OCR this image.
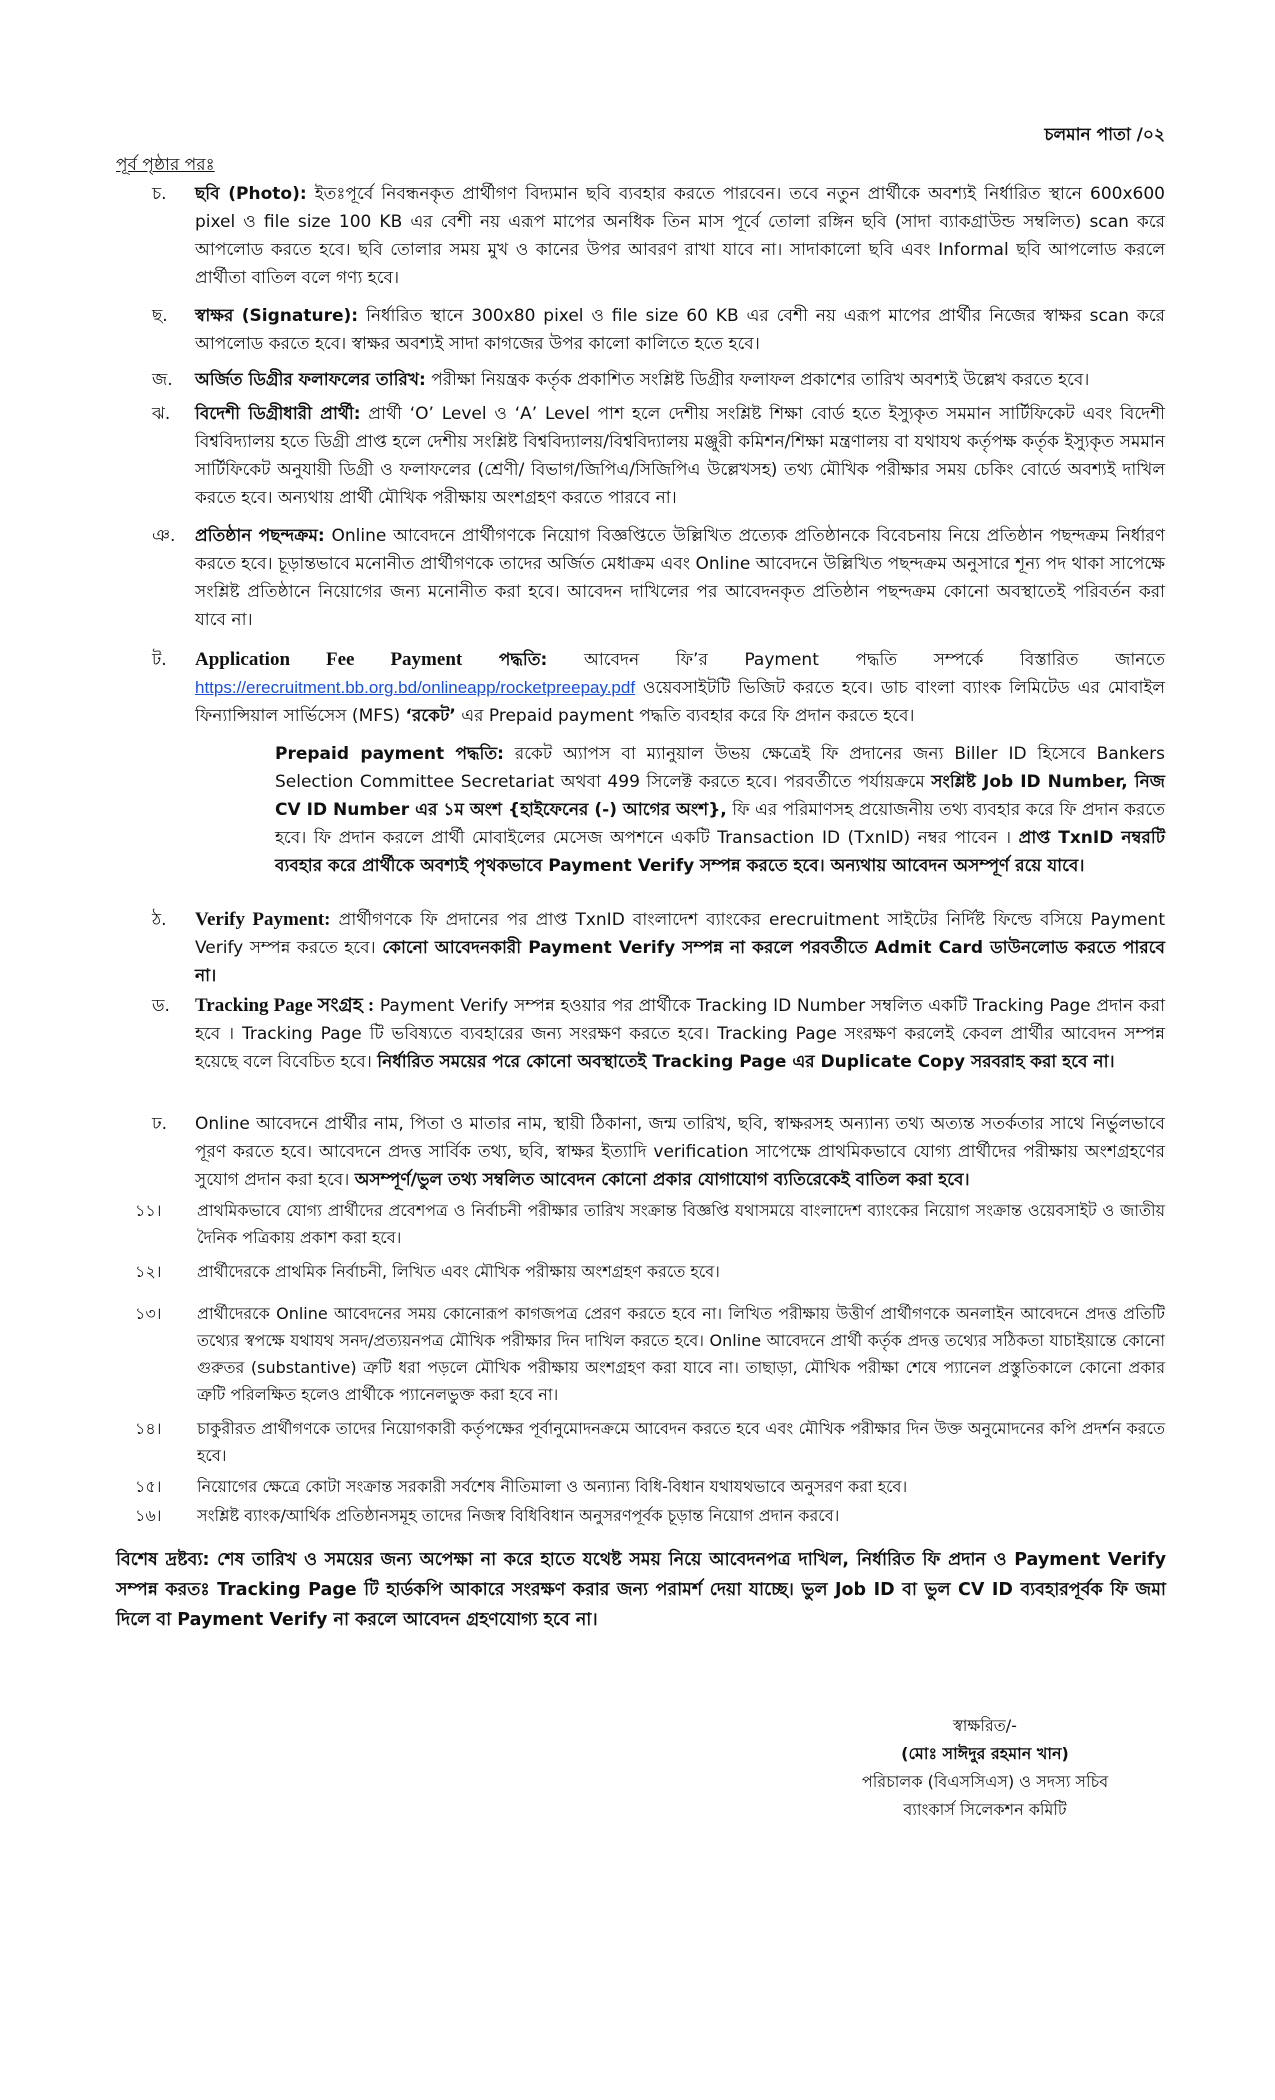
চলমান পাতা /০২
পূর্ব পৃষ্ঠার পরঃ
চ.	ছবি (Photo): ইতঃপূর্বে নিবন্ধনকৃত প্রার্থীগণ বিদ্যমান ছবি ব্যবহার করতে পারবেন। তবে নতুন প্রার্থীকে অবশ্যই নির্ধারিত স্থানে 600x600 pixel ও file size 100 KB এর বেশী নয় এরূপ মাপের অনধিক তিন মাস পূর্বে তোলা রঙ্গিন ছবি (সাদা ব্যাকগ্রাউন্ড সম্বলিত) scan করে আপলোড করতে হবে। ছবি তোলার সময় মুখ ও কানের উপর আবরণ রাখা যাবে না। সাদাকালো ছবি এবং Informal ছবি আপলোড করলে প্রার্থীতা বাতিল বলে গণ্য হবে।
ছ.	স্বাক্ষর (Signature): নির্ধারিত স্থানে 300x80 pixel ও file size 60 KB এর বেশী নয় এরূপ মাপের প্রার্থীর নিজের স্বাক্ষর scan করে আপলোড করতে হবে। স্বাক্ষর অবশ্যই সাদা কাগজের উপর কালো কালিতে হতে হবে।
জ.	অর্জিত ডিগ্রীর ফলাফলের তারিখ: পরীক্ষা নিয়ন্ত্রক কর্তৃক প্রকাশিত সংশ্লিষ্ট ডিগ্রীর ফলাফল প্রকাশের তারিখ অবশ্যই উল্লেখ করতে হবে।
ঝ.	বিদেশী ডিগ্রীধারী প্রার্থী: প্রার্থী ‘O’ Level ও ‘A’ Level পাশ হলে দেশীয় সংশ্লিষ্ট শিক্ষা বোর্ড হতে ইস্যুকৃত সমমান সার্টিফিকেট এবং বিদেশী বিশ্ববিদ্যালয় হতে ডিগ্রী প্রাপ্ত হলে দেশীয় সংশ্লিষ্ট বিশ্ববিদ্যালয়/বিশ্ববিদ্যালয় মঞ্জুরী কমিশন/শিক্ষা মন্ত্রণালয় বা যথাযথ কর্তৃপক্ষ কর্তৃক ইস্যুকৃত সমমান সার্টিফিকেট অনুযায়ী ডিগ্রী ও ফলাফলের (শ্রেণী/ বিভাগ/জিপিএ/সিজিপিএ উল্লেখসহ) তথ্য মৌখিক পরীক্ষার সময় চেকিং বোর্ডে অবশ্যই দাখিল করতে হবে। অন্যথায় প্রার্থী মৌখিক পরীক্ষায় অংশগ্রহণ করতে পারবে না।
ঞ.	প্রতিষ্ঠান পছন্দক্রম: Online আবেদনে প্রার্থীগণকে নিয়োগ বিজ্ঞপ্তিতে উল্লিখিত প্রত্যেক প্রতিষ্ঠানকে বিবেচনায় নিয়ে প্রতিষ্ঠান পছন্দক্রম নির্ধারণ করতে হবে। চূড়ান্তভাবে মনোনীত প্রার্থীগণকে তাদের অর্জিত মেধাক্রম এবং Online আবেদনে উল্লিখিত পছন্দক্রম অনুসারে শূন্য পদ থাকা সাপেক্ষে সংশ্লিষ্ট প্রতিষ্ঠানে নিয়োগের জন্য মনোনীত করা হবে। আবেদন দাখিলের পর আবেদনকৃত প্রতিষ্ঠান পছন্দক্রম কোনো অবস্থাতেই পরিবর্তন করা যাবে না।
ট.	Application Fee Payment পদ্ধতি: আবেদন ফি’র Payment পদ্ধতি সম্পর্কে বিস্তারিত জানতে https://erecruitment.bb.org.bd/onlineapp/rocketpreepay.pdf ওয়েবসাইটটি ভিজিট করতে হবে। ডাচ বাংলা ব্যাংক লিমিটেড এর মোবাইল ফিন্যান্সিয়াল সার্ভিসেস (MFS) ‘রকেট’ এর Prepaid payment পদ্ধতি ব্যবহার করে ফি প্রদান করতে হবে।
Prepaid payment পদ্ধতি: রকেট অ্যাপস বা ম্যানুয়াল উভয় ক্ষেত্রেই ফি প্রদানের জন্য Biller ID হিসেবে Bankers Selection Committee Secretariat অথবা 499 সিলেক্ট করতে হবে। পরবর্তীতে পর্যায়ক্রমে সংশ্লিষ্ট Job ID Number, নিজ CV ID Number এর ১ম অংশ {হাইফেনের (-) আগের অংশ}, ফি এর পরিমাণসহ প্রয়োজনীয় তথ্য ব্যবহার করে ফি প্রদান করতে হবে। ফি প্রদান করলে প্রার্থী মোবাইলের মেসেজ অপশনে একটি Transaction ID (TxnID) নম্বর পাবেন । প্রাপ্ত TxnID নম্বরটি ব্যবহার করে প্রার্থীকে অবশ্যই পৃথকভাবে Payment Verify সম্পন্ন করতে হবে। অন্যথায় আবেদন অসম্পূর্ণ রয়ে যাবে।
ঠ.	Verify Payment: প্রার্থীগণকে ফি প্রদানের পর প্রাপ্ত TxnID বাংলাদেশ ব্যাংকের erecruitment সাইটের নির্দিষ্ট ফিল্ডে বসিয়ে Payment Verify সম্পন্ন করতে হবে। কোনো আবেদনকারী Payment Verify সম্পন্ন না করলে পরবর্তীতে Admit Card ডাউনলোড করতে পারবে না।
ড.	Tracking Page সংগ্রহ : Payment Verify সম্পন্ন হওয়ার পর প্রার্থীকে Tracking ID Number সম্বলিত একটি Tracking Page প্রদান করা হবে । Tracking Page টি ভবিষ্যতে ব্যবহারের জন্য সংরক্ষণ করতে হবে। Tracking Page সংরক্ষণ করলেই কেবল প্রার্থীর আবেদন সম্পন্ন হয়েছে বলে বিবেচিত হবে। নির্ধারিত সময়ের পরে কোনো অবস্থাতেই Tracking Page এর Duplicate Copy সরবরাহ করা হবে না।
ঢ.	Online আবেদনে প্রার্থীর নাম, পিতা ও মাতার নাম, স্থায়ী ঠিকানা, জন্ম তারিখ, ছবি, স্বাক্ষরসহ অন্যান্য তথ্য অত্যন্ত সতর্কতার সাথে নির্ভুলভাবে পূরণ করতে হবে। আবেদনে প্রদত্ত সার্বিক তথ্য, ছবি, স্বাক্ষর ইত্যাদি verification সাপেক্ষে প্রাথমিকভাবে যোগ্য প্রার্থীদের পরীক্ষায় অংশগ্রহণের সুযোগ প্রদান করা হবে। অসম্পূর্ণ/ভুল তথ্য সম্বলিত আবেদন কোনো প্রকার যোগাযোগ ব্যতিরেকেই বাতিল করা হবে।
১১।	প্রাথমিকভাবে যোগ্য প্রার্থীদের প্রবেশপত্র ও নির্বাচনী পরীক্ষার তারিখ সংক্রান্ত বিজ্ঞপ্তি যথাসময়ে বাংলাদেশ ব্যাংকের নিয়োগ সংক্রান্ত ওয়েবসাইট ও জাতীয় দৈনিক পত্রিকায় প্রকাশ করা হবে।
১২।	প্রার্থীদেরকে প্রাথমিক নির্বাচনী, লিখিত এবং মৌখিক পরীক্ষায় অংশগ্রহণ করতে হবে।
১৩।	প্রার্থীদেরকে Online আবেদনের সময় কোনোরূপ কাগজপত্র প্রেরণ করতে হবে না। লিখিত পরীক্ষায় উত্তীর্ণ প্রার্থীগণকে অনলাইন আবেদনে প্রদত্ত প্রতিটি তথ্যের স্বপক্ষে যথাযথ সনদ/প্রত্যয়নপত্র মৌখিক পরীক্ষার দিন দাখিল করতে হবে। Online আবেদনে প্রার্থী কর্তৃক প্রদত্ত তথ্যের সঠিকতা যাচাইয়ান্তে কোনো গুরুতর (substantive) ত্রুটি ধরা পড়লে মৌখিক পরীক্ষায় অংশগ্রহণ করা যাবে না। তাছাড়া, মৌখিক পরীক্ষা শেষে প্যানেল প্রস্তুতিকালে কোনো প্রকার ত্রুটি পরিলক্ষিত হলেও প্রার্থীকে প্যানেলভুক্ত করা হবে না।
১৪।	চাকুরীরত প্রার্থীগণকে তাদের নিয়োগকারী কর্তৃপক্ষের পূর্বানুমোদনক্রমে আবেদন করতে হবে এবং মৌখিক পরীক্ষার দিন উক্ত অনুমোদনের কপি প্রদর্শন করতে হবে।
১৫।	নিয়োগের ক্ষেত্রে কোটা সংক্রান্ত সরকারী সর্বশেষ নীতিমালা ও অন্যান্য বিধি-বিধান যথাযথভাবে অনুসরণ করা হবে।
১৬।	সংশ্লিষ্ট ব্যাংক/আর্থিক প্রতিষ্ঠানসমূহ তাদের নিজস্ব বিধিবিধান অনুসরণপূর্বক চূড়ান্ত নিয়োগ প্রদান করবে।
বিশেষ দ্রষ্টব্য: শেষ তারিখ ও সময়ের জন্য অপেক্ষা না করে হাতে যথেষ্ট সময় নিয়ে আবেদনপত্র দাখিল, নির্ধারিত ফি প্রদান ও Payment Verify সম্পন্ন করতঃ Tracking Page টি হার্ডকপি আকারে সংরক্ষণ করার জন্য পরামর্শ দেয়া যাচ্ছে। ভুল Job ID বা ভুল CV ID ব্যবহারপূর্বক ফি জমা দিলে বা Payment Verify না করলে আবেদন গ্রহণযোগ্য হবে না।
স্বাক্ষরিত/-
(মোঃ সাঈদুর রহমান খান)
পরিচালক (বিএসসিএস) ও সদস্য সচিব
ব্যাংকার্স সিলেকশন কমিটি
